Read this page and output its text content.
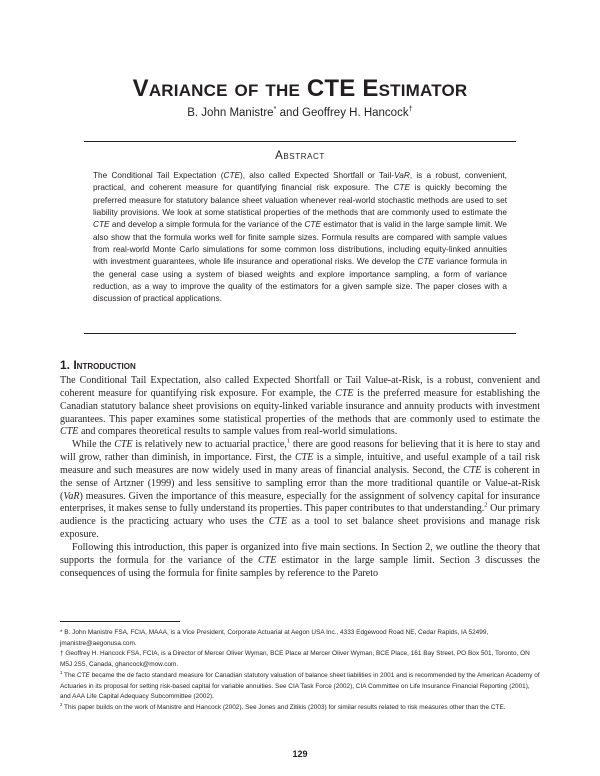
Variance of the CTE Estimator
B. John Manistre* and Geoffrey H. Hancock†
Abstract

The Conditional Tail Expectation (CTE), also called Expected Shortfall or Tail-VaR, is a robust, convenient, practical, and coherent measure for quantifying financial risk exposure. The CTE is quickly becoming the preferred measure for statutory balance sheet valuation whenever real-world stochastic methods are used to set liability provisions. We look at some statistical properties of the methods that are commonly used to estimate the CTE and develop a simple formula for the variance of the CTE estimator that is valid in the large sample limit. We also show that the formula works well for finite sample sizes. Formula results are compared with sample values from real-world Monte Carlo simulations for some common loss distributions, including equity-linked annuities with investment guarantees, whole life insurance and operational risks. We develop the CTE variance formula in the general case using a system of biased weights and explore importance sampling, a form of variance reduction, as a way to improve the quality of the estimators for a given sample size. The paper closes with a discussion of practical applications.

1. Introduction

The Conditional Tail Expectation, also called Expected Shortfall or Tail Value-at-Risk, is a robust, convenient and coherent measure for quantifying risk exposure. For example, the CTE is the preferred measure for establishing the Canadian statutory balance sheet provisions on equity-linked variable insurance and annuity products with investment guarantees. This paper examines some statistical properties of the methods that are commonly used to estimate the CTE and compares theoretical results to sample values from real-world simulations.

While the CTE is relatively new to actuarial practice,$^1$ there are good reasons for believing that it is here to stay and will grow, rather than diminish, in importance. First, the CTE is a simple, intuitive, and useful example of a tail risk measure and such measures are now widely used in many areas of financial analysis. Second, the CTE is coherent in the sense of Artzner (1999) and less sensitive to sampling error than the more traditional quantile or Value-at-Risk (VaR) measures. Given the importance of this measure, especially for the assignment of solvency capital for insurance enterprises, it makes sense to fully understand its properties. This paper contributes to that understanding.$^2$ Our primary audience is the practicing actuary who uses the CTE as a tool to set balance sheet provisions and manage risk exposure.

Following this introduction, this paper is organized into five main sections. In Section 2, we outline the theory that supports the formula for the variance of the CTE estimator in the large sample limit. Section 3 discusses the consequences of using the formula for finite samples by reference to the Pareto

* B. John Manistre FSA, FCIA, MAAA, is a Vice President, Corporate Actuarial at Aegon USA Inc., 4333 Edgewood Road NE, Cedar Rapids, IA 52499, jmanistre@aegonusa.com.

† Geoffrey H. Hancock FSA, FCIA, is a Director of Mercer Oliver Wyman, BCE Place at Mercer Oliver Wyman, BCE Place, 161 Bay Street, PO Box 501, Toronto, ON M5J 2S5, Canada, ghancock@mow.com.

$^1$ The CTE became the de facto standard measure for Canadian statutory valuation of balance sheet liabilities in 2001 and is recommended by the American Academy of Actuaries in its proposal for setting risk-based capital for variable annuities. See CIA Task Force (2002), CIA Committee on Life Insurance Financial Reporting (2001), and AAA Life Capital Adequacy Subcommittee (2002).

$^2$ This paper builds on the work of Manistre and Hancock (2002). See Jones and Zitikis (2003) for similar results related to risk measures other than the CTE.

129
